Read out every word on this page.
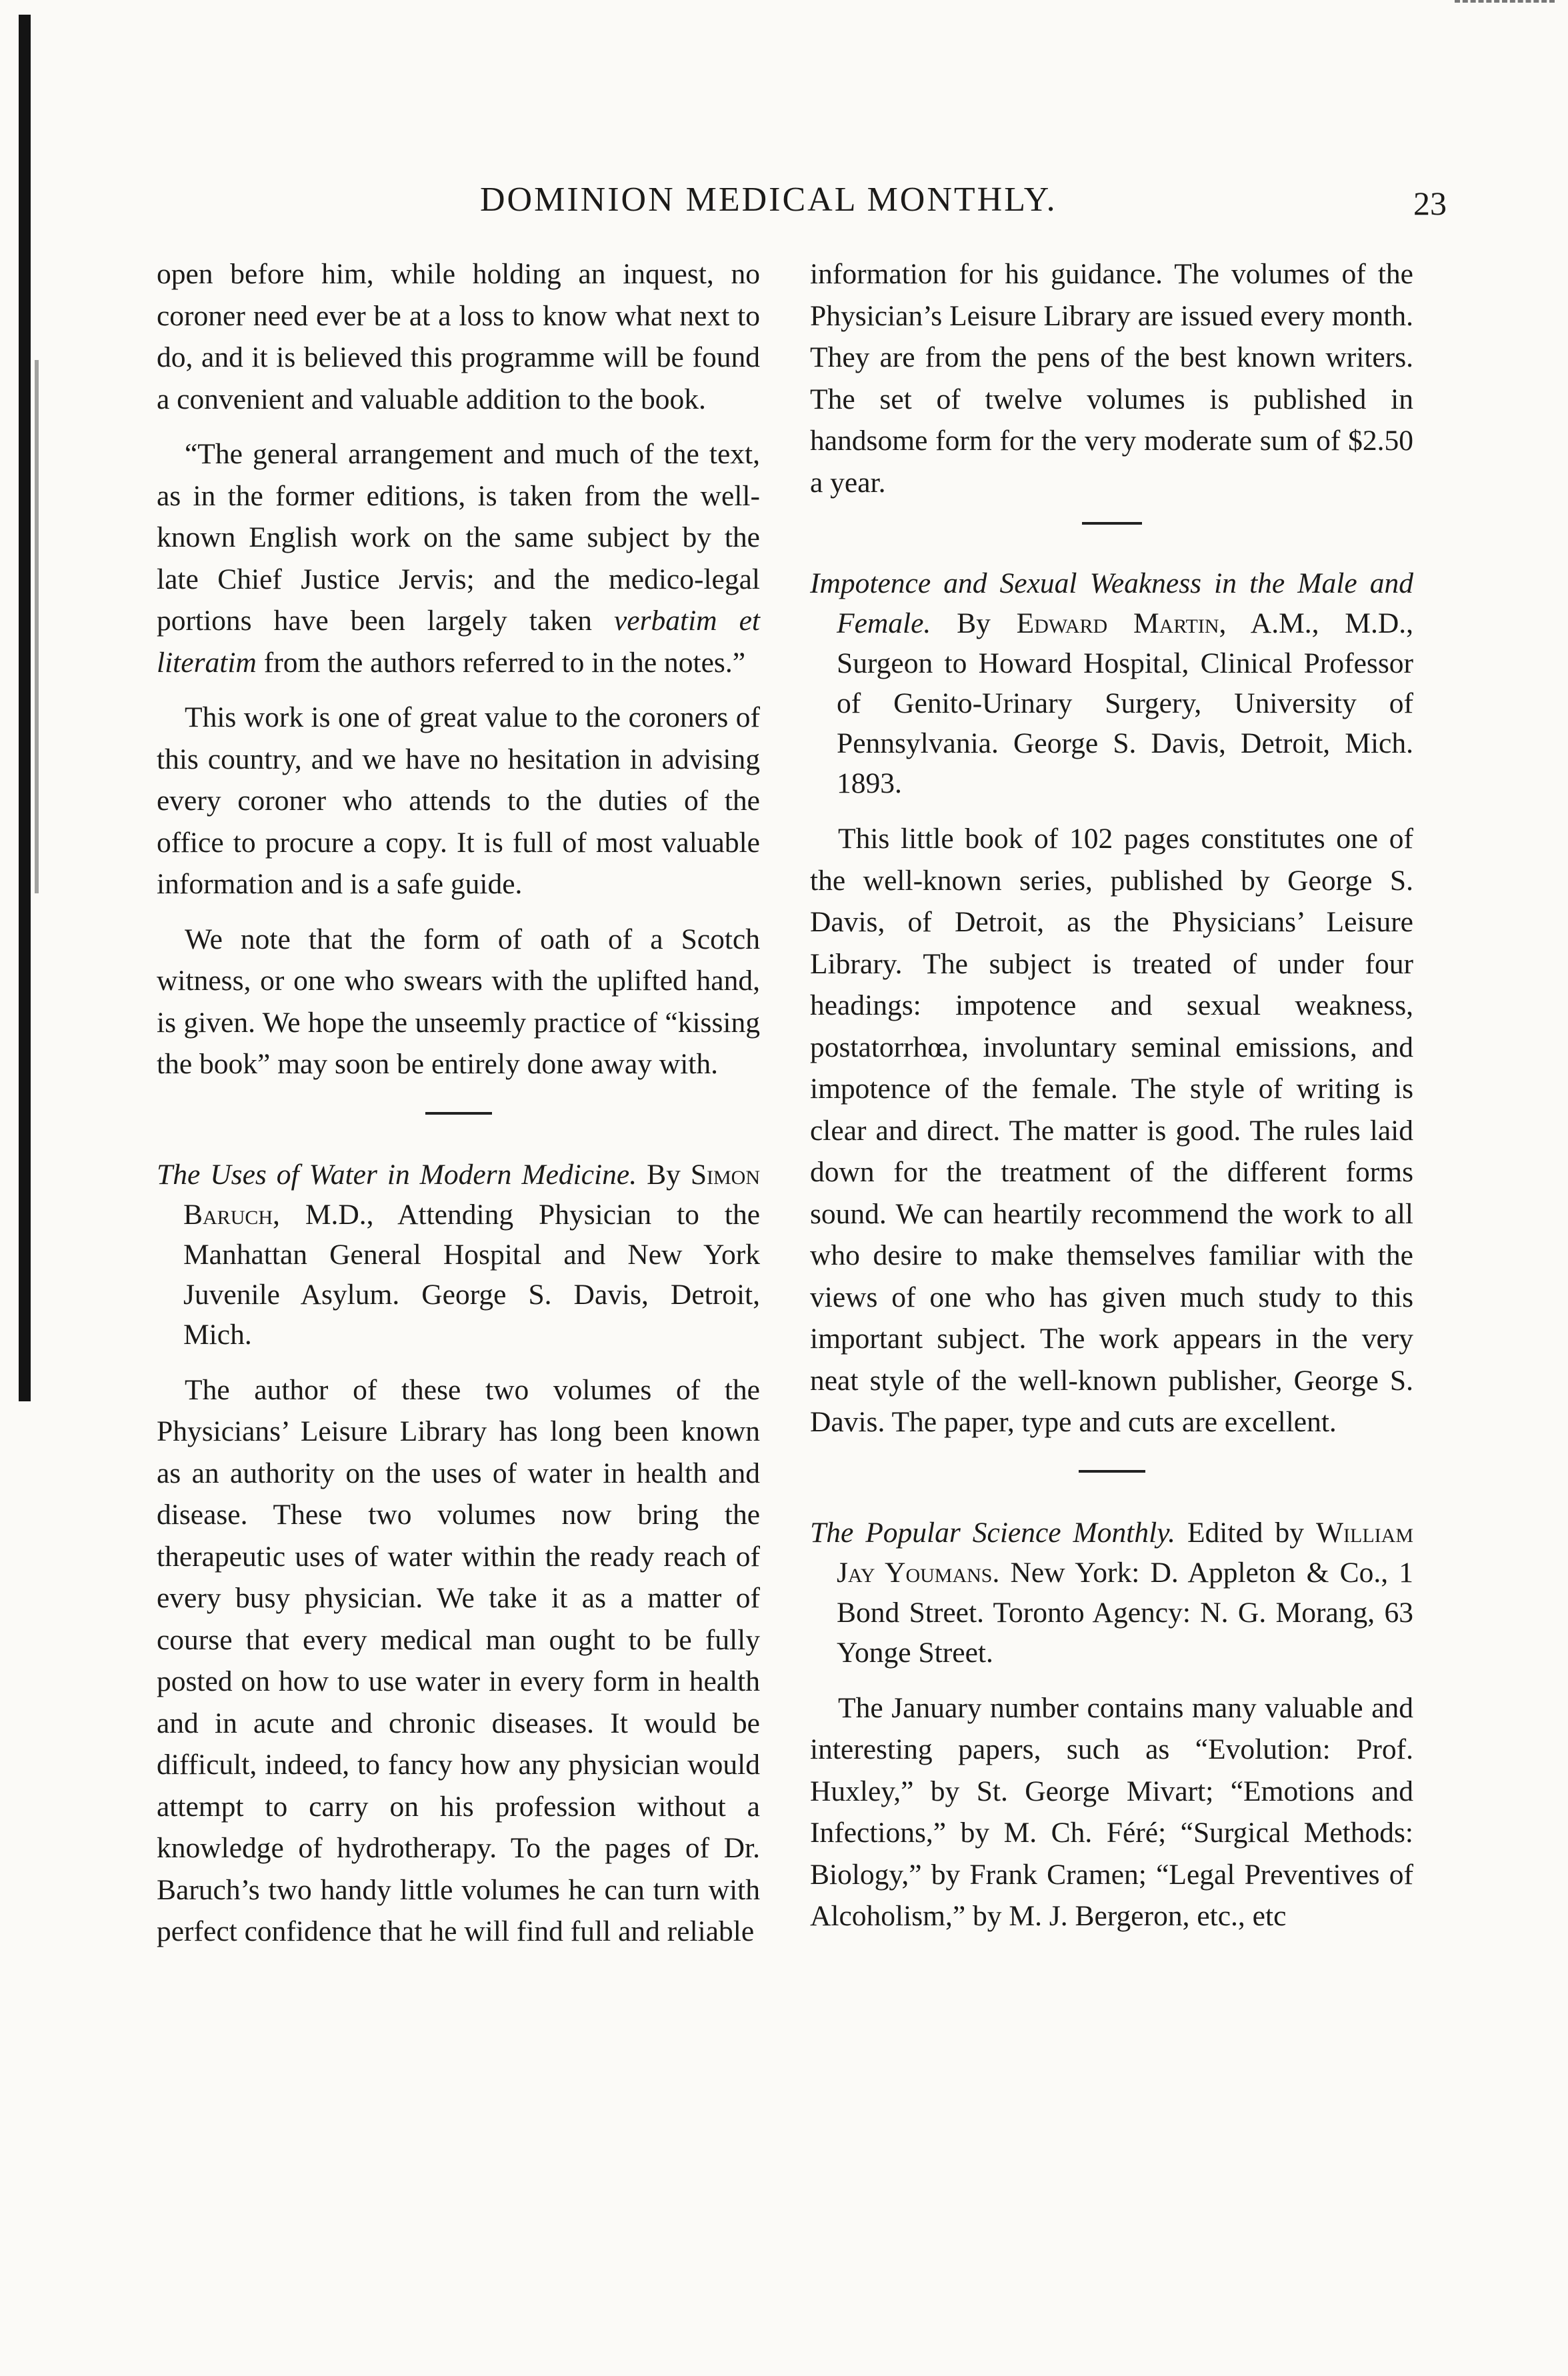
DOMINION MEDICAL MONTHLY.	23

open before him, while holding an inquest, no coroner need ever be at a loss to know what next to do, and it is believed this programme will be found a convenient and valuable addition to the book.

“The general arrangement and much of the text, as in the former editions, is taken from the well-known English work on the same subject by the late Chief Justice Jervis; and the medico-legal portions have been largely taken verbatim et literatim from the authors referred to in the notes.”

This work is one of great value to the coroners of this country, and we have no hesitation in advising every coroner who attends to the duties of the office to procure a copy. It is full of most valuable information and is a safe guide.

We note that the form of oath of a Scotch witness, or one who swears with the uplifted hand, is given. We hope the unseemly practice of “kissing the book” may soon be entirely done away with.

The Uses of Water in Modern Medicine. By Simon Baruch, M.D., Attending Physician to the Manhattan General Hospital and New York Juvenile Asylum. George S. Davis, Detroit, Mich.

The author of these two volumes of the Physicians’ Leisure Library has long been known as an authority on the uses of water in health and disease. These two volumes now bring the therapeutic uses of water within the ready reach of every busy physician. We take it as a matter of course that every medical man ought to be fully posted on how to use water in every form in health and in acute and chronic diseases. It would be difficult, indeed, to fancy how any physician would attempt to carry on his profession without a knowledge of hydrotherapy. To the pages of Dr. Baruch’s two handy little volumes he can turn with perfect confidence that he will find full and reliable

information for his guidance. The volumes of the Physician’s Leisure Library are issued every month. They are from the pens of the best known writers. The set of twelve volumes is published in handsome form for the very moderate sum of $2.50 a year.

Impotence and Sexual Weakness in the Male and Female. By Edward Martin, A.M., M.D., Surgeon to Howard Hospital, Clinical Professor of Genito-Urinary Surgery, University of Pennsylvania. George S. Davis, Detroit, Mich. 1893.

This little book of 102 pages constitutes one of the well-known series, published by George S. Davis, of Detroit, as the Physicians’ Leisure Library. The subject is treated of under four headings: impotence and sexual weakness, postatorrhœa, involuntary seminal emissions, and impotence of the female. The style of writing is clear and direct. The matter is good. The rules laid down for the treatment of the different forms sound. We can heartily recommend the work to all who desire to make themselves familiar with the views of one who has given much study to this important subject. The work appears in the very neat style of the well-known publisher, George S. Davis. The paper, type and cuts are excellent.

The Popular Science Monthly. Edited by William Jay Youmans. New York: D. Appleton & Co., 1 Bond Street. Toronto Agency: N. G. Morang, 63 Yonge Street.

The January number contains many valuable and interesting papers, such as “Evolution: Prof. Huxley,” by St. George Mivart; “Emotions and Infections,” by M. Ch. Féré; “Surgical Methods: Biology,” by Frank Cramen; “Legal Preventives of Alcoholism,” by M. J. Bergeron, etc., etc
